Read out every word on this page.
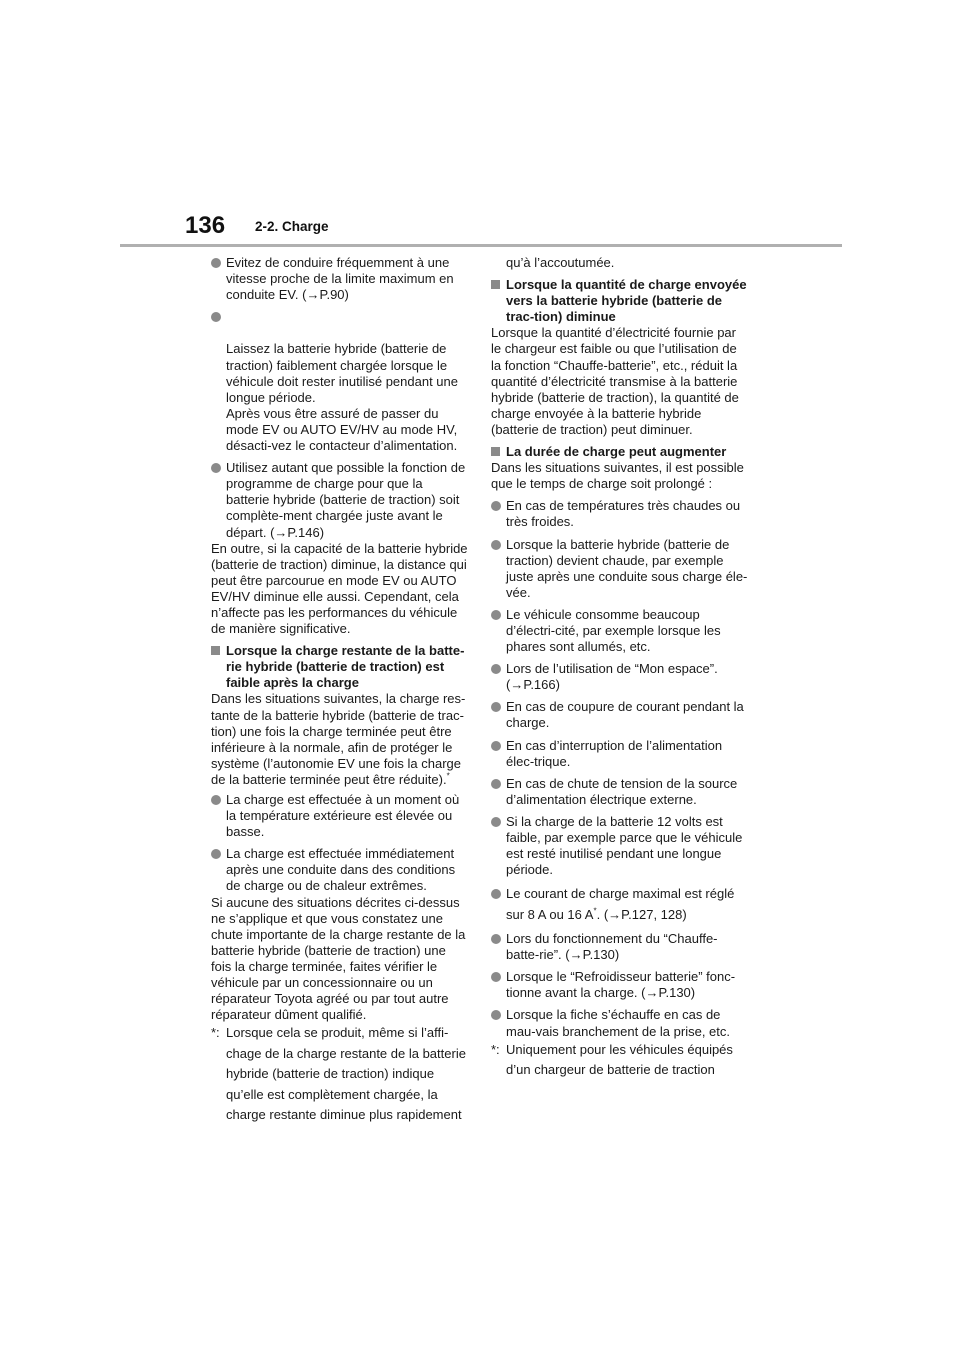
136 2-2. Charge
Evitez de conduire fréquemment à une vitesse proche de la limite maximum en conduite EV. (→P.90)

Laissez la batterie hybride (batterie de traction) faiblement chargée lorsque le véhicule doit rester inutilisé pendant une longue période.
Après vous être assuré de passer du mode EV ou AUTO EV/HV au mode HV, désacti-vez le contacteur d’alimentation.

Utilisez autant que possible la fonction de programme de charge pour que la batterie hybride (batterie de traction) soit complète-ment chargée juste avant le départ. (→P.146)

En outre, si la capacité de la batterie hybride (batterie de traction) diminue, la distance qui peut être parcourue en mode EV ou AUTO EV/HV diminue elle aussi. Cependant, cela n’affecte pas les performances du véhicule de manière significative.

Lorsque la charge restante de la batte-rie hybride (batterie de traction) est faible après la charge

Dans les situations suivantes, la charge res-tante de la batterie hybride (batterie de trac-tion) une fois la charge terminée peut être inférieure à la normale, afin de protéger le système (l’autonomie EV une fois la charge de la batterie terminée peut être réduite).*

La charge est effectuée à un moment où la température extérieure est élevée ou basse.
La charge est effectuée immédiatement après une conduite dans des conditions de charge ou de chaleur extrêmes.

Si aucune des situations décrites ci-dessus ne s’applique et que vous constatez une chute importante de la charge restante de la batterie hybride (batterie de traction) une fois la charge terminée, faites vérifier le véhicule par un concessionnaire ou un réparateur Toyota agréé ou par tout autre réparateur dûment qualifié.

*: Lorsque cela se produit, même si l’affi-chage de la charge restante de la batterie hybride (batterie de traction) indique qu’elle est complètement chargée, la charge restante diminue plus rapidement

qu’à l’accoutumée.

Lorsque la quantité de charge envoyée vers la batterie hybride (batterie de trac-tion) diminue

Lorsque la quantité d’électricité fournie par le chargeur est faible ou que l’utilisation de la fonction “Chauffe-batterie”, etc., réduit la quantité d’électricité transmise à la batterie hybride (batterie de traction), la quantité de charge envoyée à la batterie hybride (batterie de traction) peut diminuer.

La durée de charge peut augmenter

Dans les situations suivantes, il est possible que le temps de charge soit prolongé :

En cas de températures très chaudes ou très froides.
Lorsque la batterie hybride (batterie de traction) devient chaude, par exemple juste après une conduite sous charge éle-vée.
Le véhicule consomme beaucoup d’électri-cité, par exemple lorsque les phares sont allumés, etc.
Lors de l’utilisation de “Mon espace”. (→P.166)
En cas de coupure de courant pendant la charge.
En cas d’interruption de l’alimentation élec-trique.
En cas de chute de tension de la source d’alimentation électrique externe.
Si la charge de la batterie 12 volts est faible, par exemple parce que le véhicule est resté inutilisé pendant une longue période.
Le courant de charge maximal est réglé sur 8 A ou 16 A*. (→P.127, 128)
Lors du fonctionnement du “Chauffe-batte-rie”. (→P.130)
Lorsque le “Refroidisseur batterie” fonc-tionne avant la charge. (→P.130)
Lorsque la fiche s’échauffe en cas de mau-vais branchement de la prise, etc.
*: Uniquement pour les véhicules équipés d’un chargeur de batterie de traction
